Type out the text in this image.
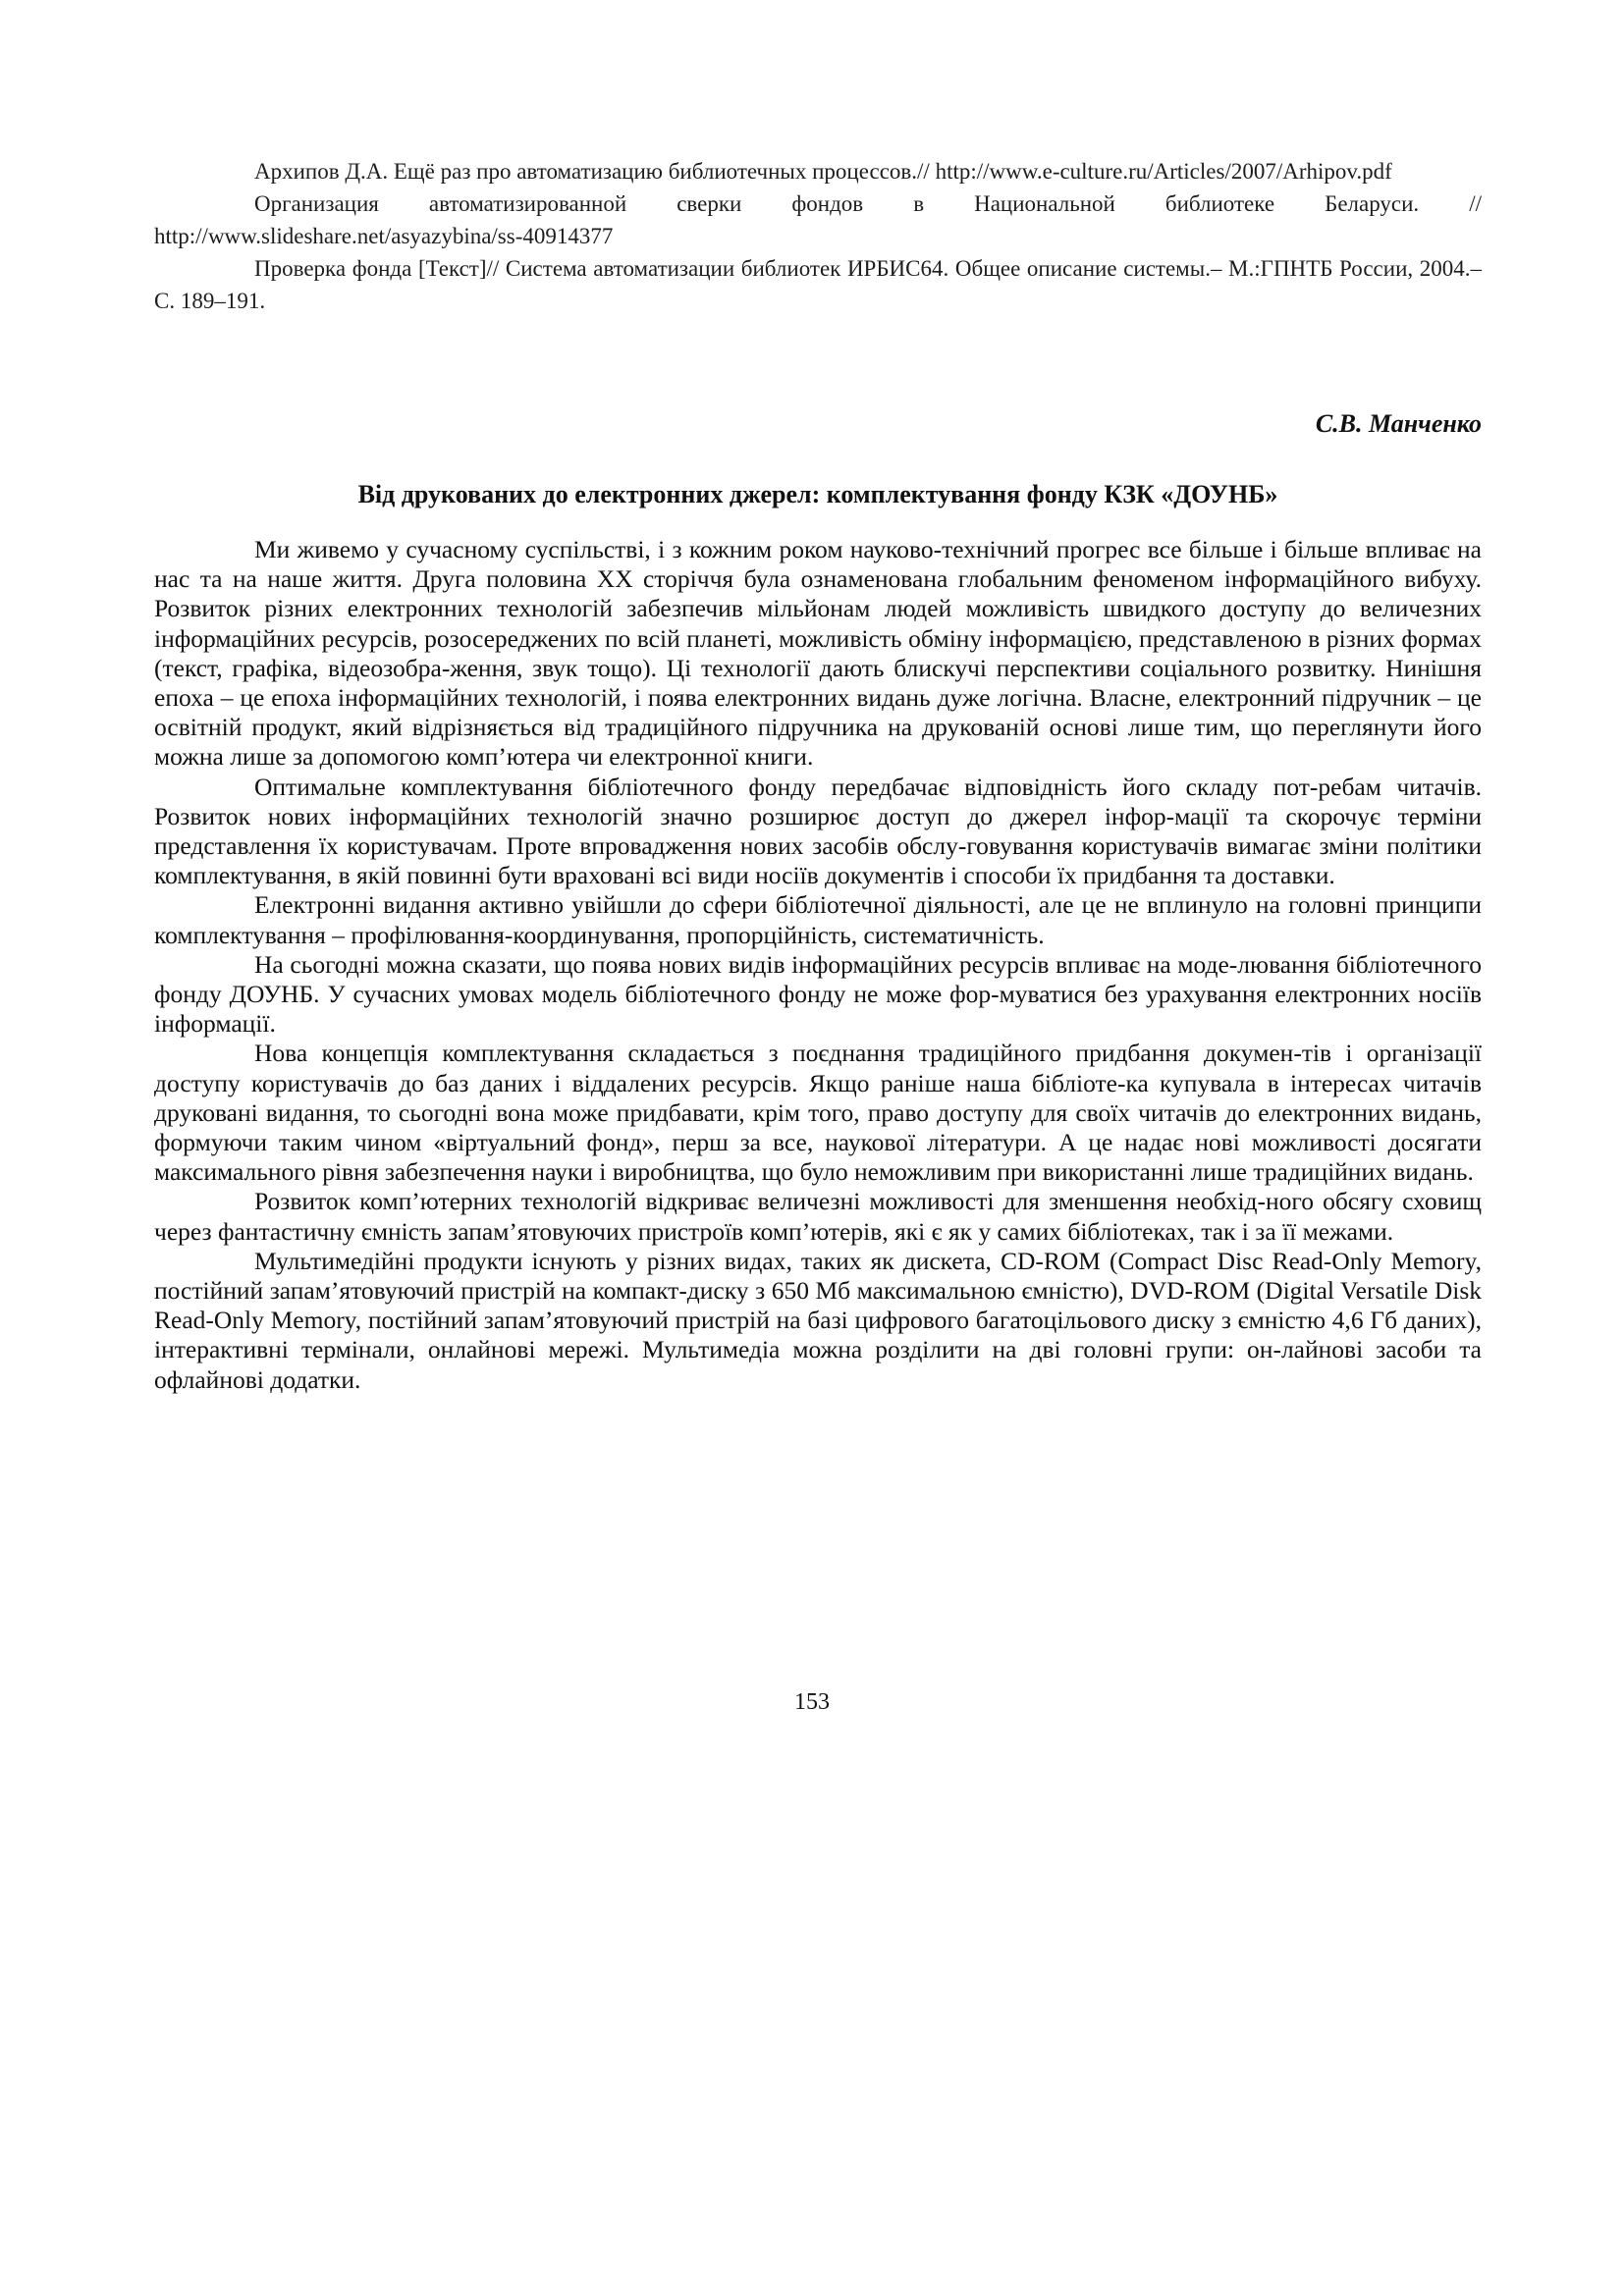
Архипов Д.А. Ещё раз про автоматизацию библиотечных процессов.// http://www.e-culture.ru/Articles/2007/Arhipov.pdf

Организация автоматизированной сверки фондов в Национальной библиотеке Беларуси. // http://www.slideshare.net/asyazybina/ss-40914377

Проверка фонда [Текст]// Система автоматизации библиотек ИРБИС64. Общее описание системы.– М.:ГПНТБ России, 2004.– С. 189–191.

С.В. Манченко
Від друкованих до електронних джерел: комплектування фонду КЗК «ДОУНБ»

Ми живемо у сучасному суспільстві, і з кожним роком науково-технічний прогрес все більше і більше впливає на нас та на наше життя. Друга половина ХХ сторіччя була ознаменована глобальним феноменом інформаційного вибуху. Розвиток різних електронних технологій забезпечив мільйонам людей можливість швидкого доступу до величезних інформаційних ресурсів, розосереджених по всій планеті, можливість обміну інформацією, представленою в різних формах (текст, графіка, відеозобра-ження, звук тощо). Ці технології дають блискучі перспективи соціального розвитку. Нинішня епоха – це епоха інформаційних технологій, і поява електронних видань дуже логічна. Власне, електронний підручник – це освітній продукт, який відрізняється від традиційного підручника на друкованій основі лише тим, що переглянути його можна лише за допомогою комп’ютера чи електронної книги.

Оптимальне комплектування бібліотечного фонду передбачає відповідність його складу пот-ребам читачів. Розвиток нових інформаційних технологій значно розширює доступ до джерел інфор-мації та скорочує терміни представлення їх користувачам. Проте впровадження нових засобів обслу-говування користувачів вимагає зміни політики комплектування, в якій повинні бути враховані всі види носіїв документів і способи їх придбання та доставки.

Електронні видання активно увійшли до сфери бібліотечної діяльності, але це не вплинуло на головні принципи комплектування – профілювання-координування, пропорційність, систематичність.

На сьогодні можна сказати, що поява нових видів інформаційних ресурсів впливає на моде-лювання бібліотечного фонду ДОУНБ. У сучасних умовах модель бібліотечного фонду не може фор-муватися без урахування електронних носіїв інформації.

Нова концепція комплектування складається з поєднання традиційного придбання докумен-тів і організації доступу користувачів до баз даних і віддалених ресурсів. Якщо раніше наша бібліоте-ка купувала в інтересах читачів друковані видання, то сьогодні вона може придбавати, крім того, право доступу для своїх читачів до електронних видань, формуючи таким чином «віртуальний фонд», перш за все, наукової літератури. А це надає нові можливості досягати максимального рівня забезпечення науки і виробництва, що було неможливим при використанні лише традиційних видань.

Розвиток комп’ютерних технологій відкриває величезні можливості для зменшення необхід-ного обсягу сховищ через фантастичну ємність запам’ятовуючих пристроїв комп’ютерів, які є як у самих бібліотеках, так і за її межами.

Мультимедійні продукти існують у різних видах, таких як дискета, CD-ROM (Compact Disc Read-Only Memory, постійний запам’ятовуючий пристрій на компакт-диску з 650 Мб максимальною ємністю), DVD-ROM (Digital Versatile Disk Read-Only Memory, постійний запам’ятовуючий пристрій на базі цифрового багатоцільового диску з ємністю 4,6 Гб даних), інтерактивні термінали, онлайнові мережі. Мультимедіа можна розділити на дві головні групи: он-лайнові засоби та офлайнові додатки.

153
